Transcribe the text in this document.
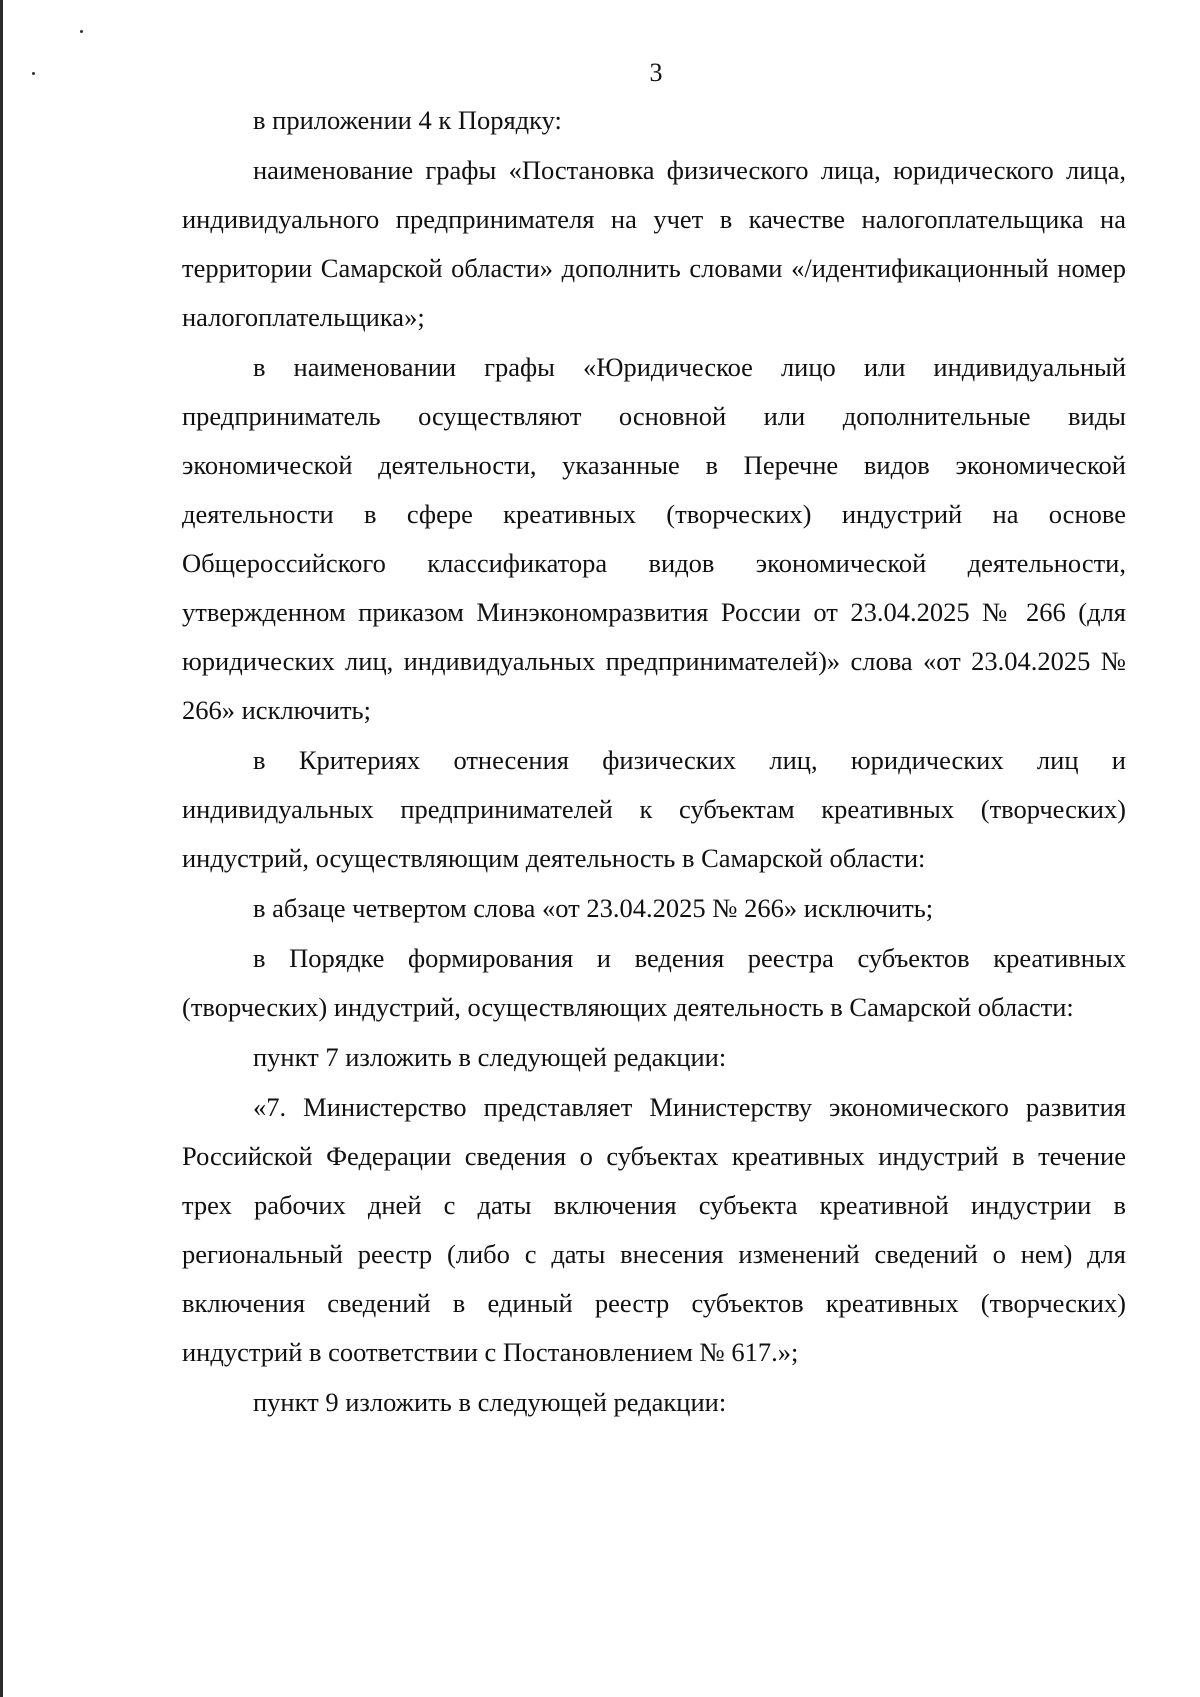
3

в приложении 4 к Порядку:

наименование графы «Постановка физического лица, юридического лица, индивидуального предпринимателя на учет в качестве налогоплательщика на территории Самарской области» дополнить словами «/идентификационный номер налогоплательщика»;

в наименовании графы «Юридическое лицо или индивидуальный предприниматель осуществляют основной или дополнительные виды экономической деятельности, указанные в Перечне видов экономической деятельности в сфере креативных (творческих) индустрий на основе Общероссийского классификатора видов экономической деятельности, утвержденном приказом Минэкономразвития России от 23.04.2025 № 266 (для юридических лиц, индивидуальных предпринимателей)» слова «от 23.04.2025 № 266» исключить;

в Критериях отнесения физических лиц, юридических лиц и индивидуальных предпринимателей к субъектам креативных (творческих) индустрий, осуществляющим деятельность в Самарской области:

в абзаце четвертом слова «от 23.04.2025 № 266» исключить;

в Порядке формирования и ведения реестра субъектов креативных (творческих) индустрий, осуществляющих деятельность в Самарской области:

пункт 7 изложить в следующей редакции:

«7. Министерство представляет Министерству экономического развития Российской Федерации сведения о субъектах креативных индустрий в течение трех рабочих дней с даты включения субъекта креативной индустрии в региональный реестр (либо с даты внесения изменений сведений о нем) для включения сведений в единый реестр субъектов креативных (творческих) индустрий в соответствии с Постановлением № 617.»;

пункт 9 изложить в следующей редакции:
